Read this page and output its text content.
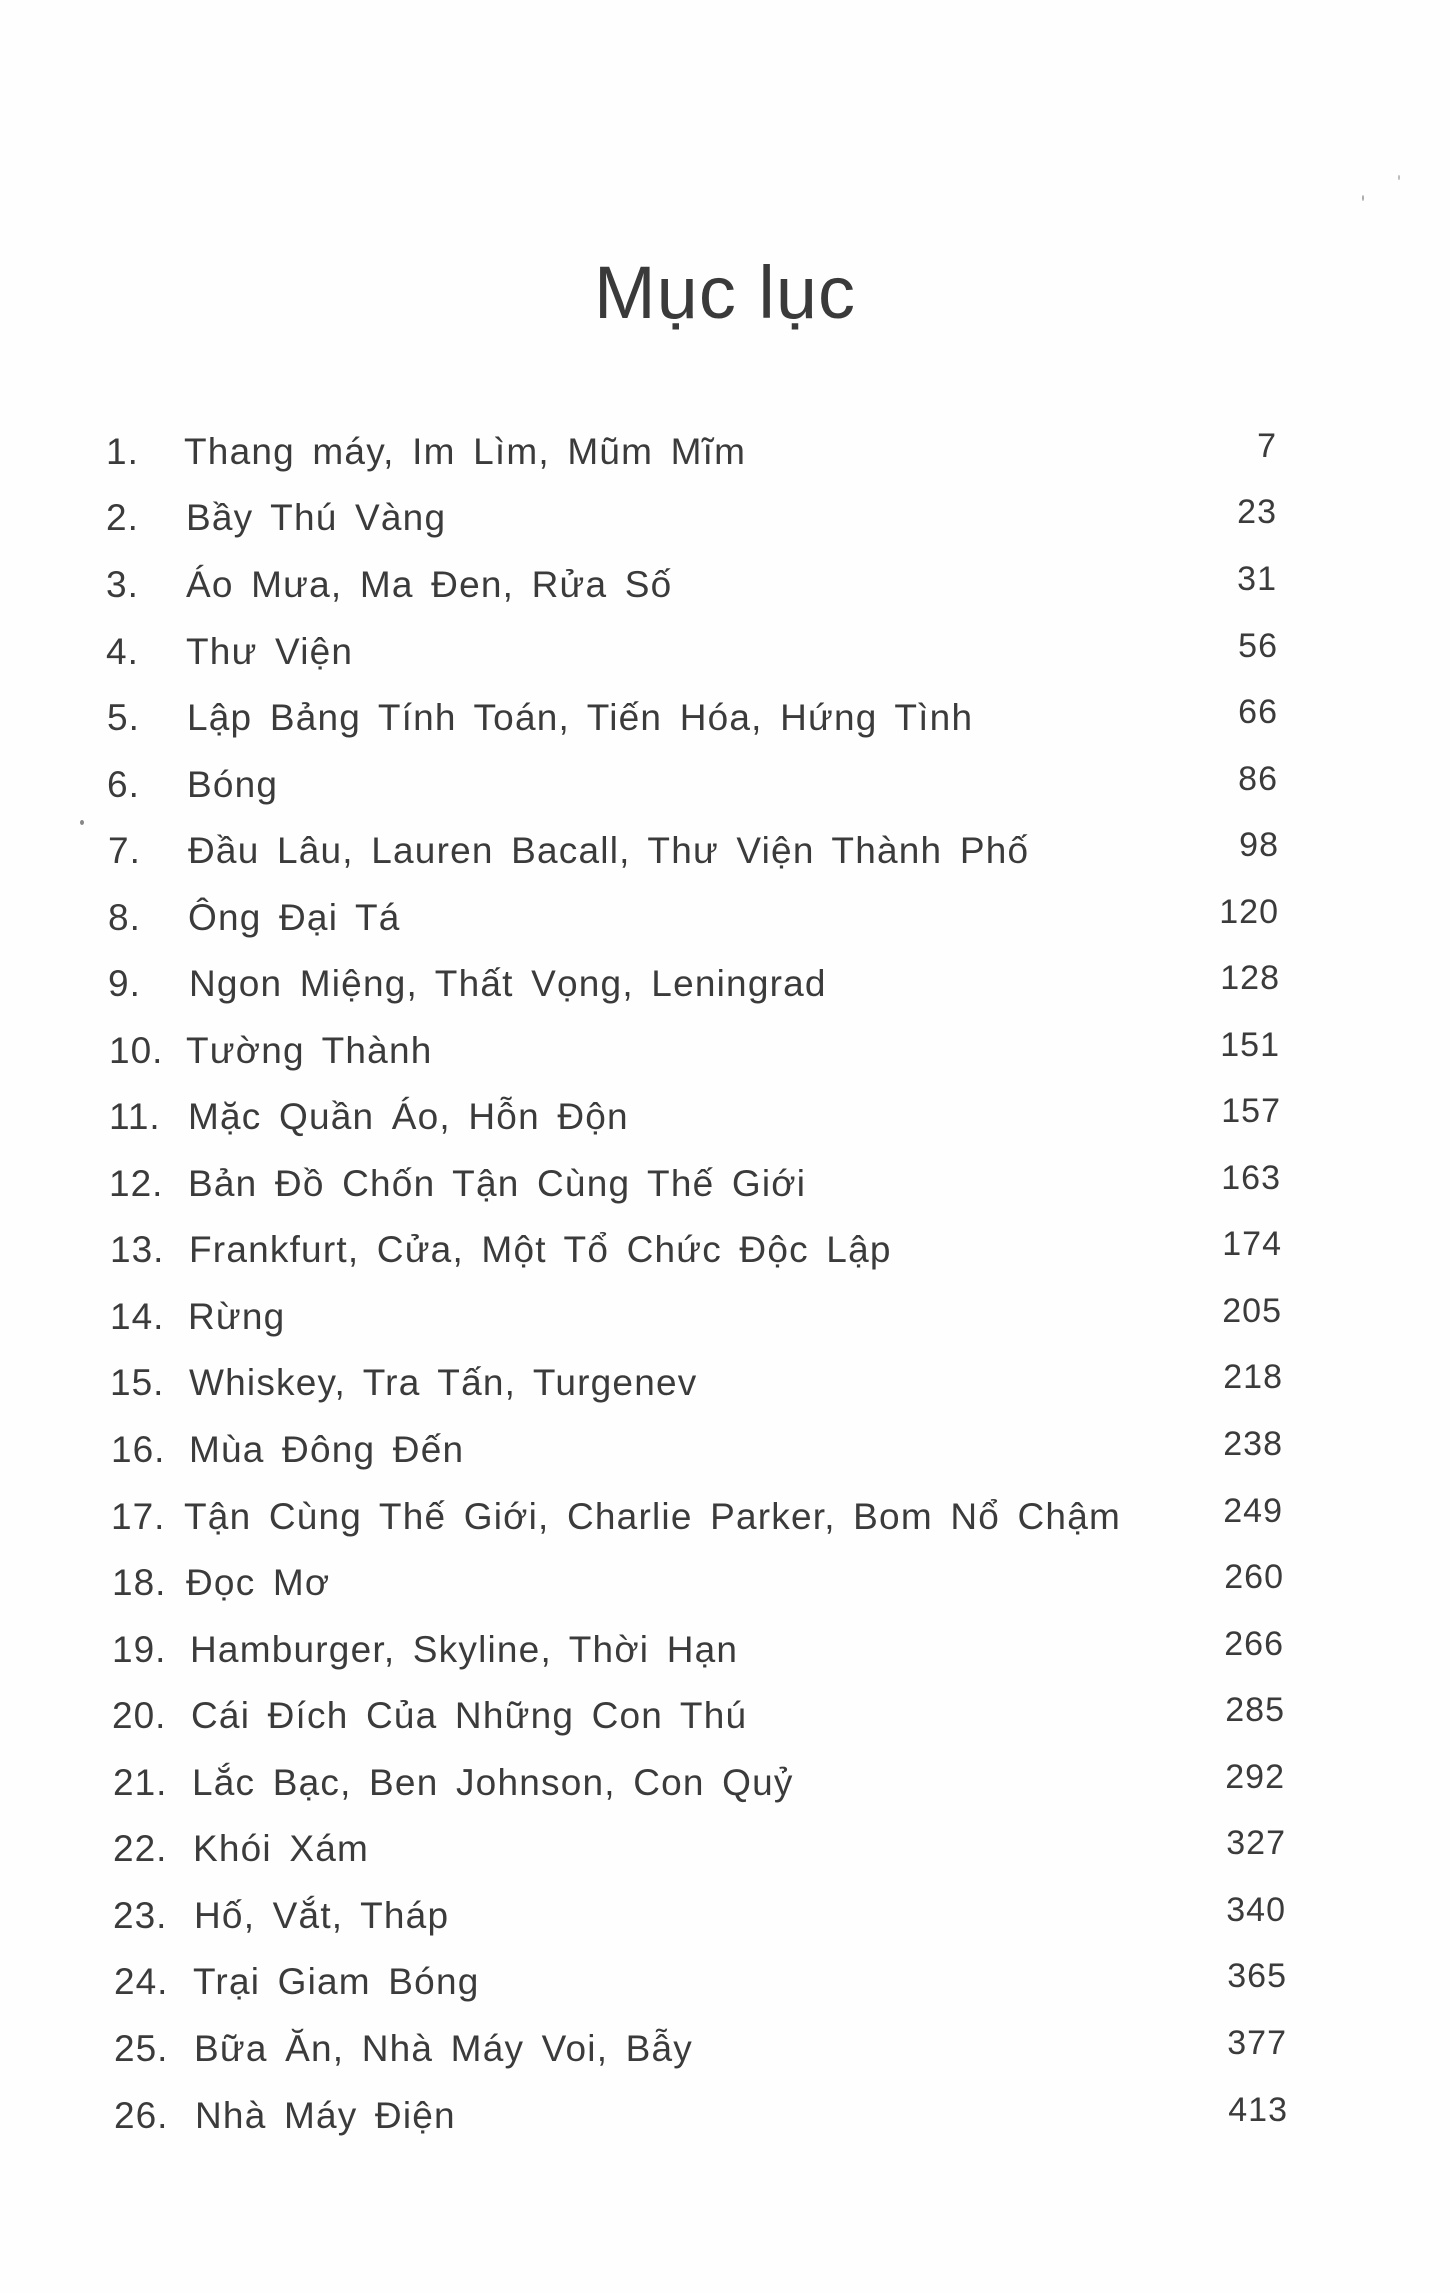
Mục lục
1. Thang máy, Im Lìm, Mũm Mĩm	7
2. Bầy Thú Vàng	23
3. Áo Mưa, Ma Đen, Rửa Số	31
4. Thư Viện	56
5. Lập Bảng Tính Toán, Tiến Hóa, Hứng Tình	66
6. Bóng	86
7. Đầu Lâu, Lauren Bacall, Thư Viện Thành Phố	98
8. Ông Đại Tá	120
9. Ngon Miệng, Thất Vọng, Leningrad	128
10. Tường Thành	151
11. Mặc Quần Áo, Hỗn Độn	157
12. Bản Đồ Chốn Tận Cùng Thế Giới	163
13. Frankfurt, Cửa, Một Tổ Chức Độc Lập	174
14. Rừng	205
15. Whiskey, Tra Tấn, Turgenev	218
16. Mùa Đông Đến	238
17. Tận Cùng Thế Giới, Charlie Parker, Bom Nổ Chậm	249
18. Đọc Mơ	260
19. Hamburger, Skyline, Thời Hạn	266
20. Cái Đích Của Những Con Thú	285
21. Lắc Bạc, Ben Johnson, Con Quỷ	292
22. Khói Xám	327
23. Hố, Vắt, Tháp	340
24. Trại Giam Bóng	365
25. Bữa Ăn, Nhà Máy Voi, Bẫy	377
26. Nhà Máy Điện	413
